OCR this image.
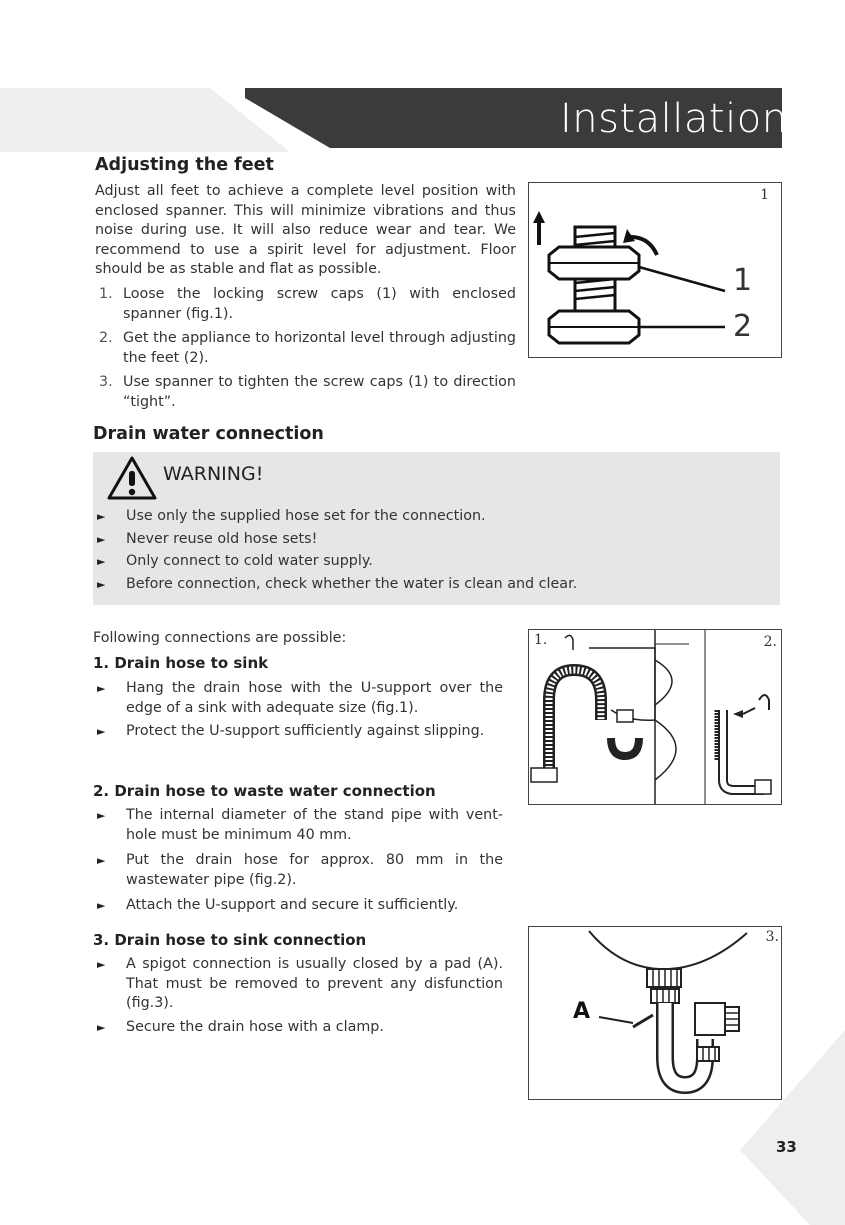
Installation
Adjusting the feet

Adjust all feet to achieve a complete level position with enclosed spanner. This will minimize vibrations and thus noise during use. It will also reduce wear and tear. We recommend to use a spirit level for adjustment. Floor should be as stable and flat as possible.

1. Loose the locking screw caps (1) with enclosed spanner (fig.1).
2. Get the appliance to horizontal level through adjusting the feet (2).
3. Use spanner to tighten the screw caps (1) to direction “tight”.
1
1
2
Drain water connection
WARNING!
► Use only the supplied hose set for the connection.
► Never reuse old hose sets!
► Only connect to cold water supply.
► Before connection, check whether the water is clean and clear.

Following connections are possible:

1. Drain hose to sink
► Hang the drain hose with the U-support over the edge of a sink with adequate size (fig.1).
► Protect the U-support sufficiently against slipping.
2. Drain hose to waste water connection
► The internal diameter of the stand pipe with vent-hole must be minimum 40 mm.
► Put the drain hose for approx. 80 mm in the wastewater pipe (fig.2).
► Attach the U-support and secure it sufficiently.
3. Drain hose to sink connection
► A spigot connection is usually closed by a pad (A). That must be removed to prevent any disfunction (fig.3).
► Secure the drain hose with a clamp.
1.	2.
3.
A
33
